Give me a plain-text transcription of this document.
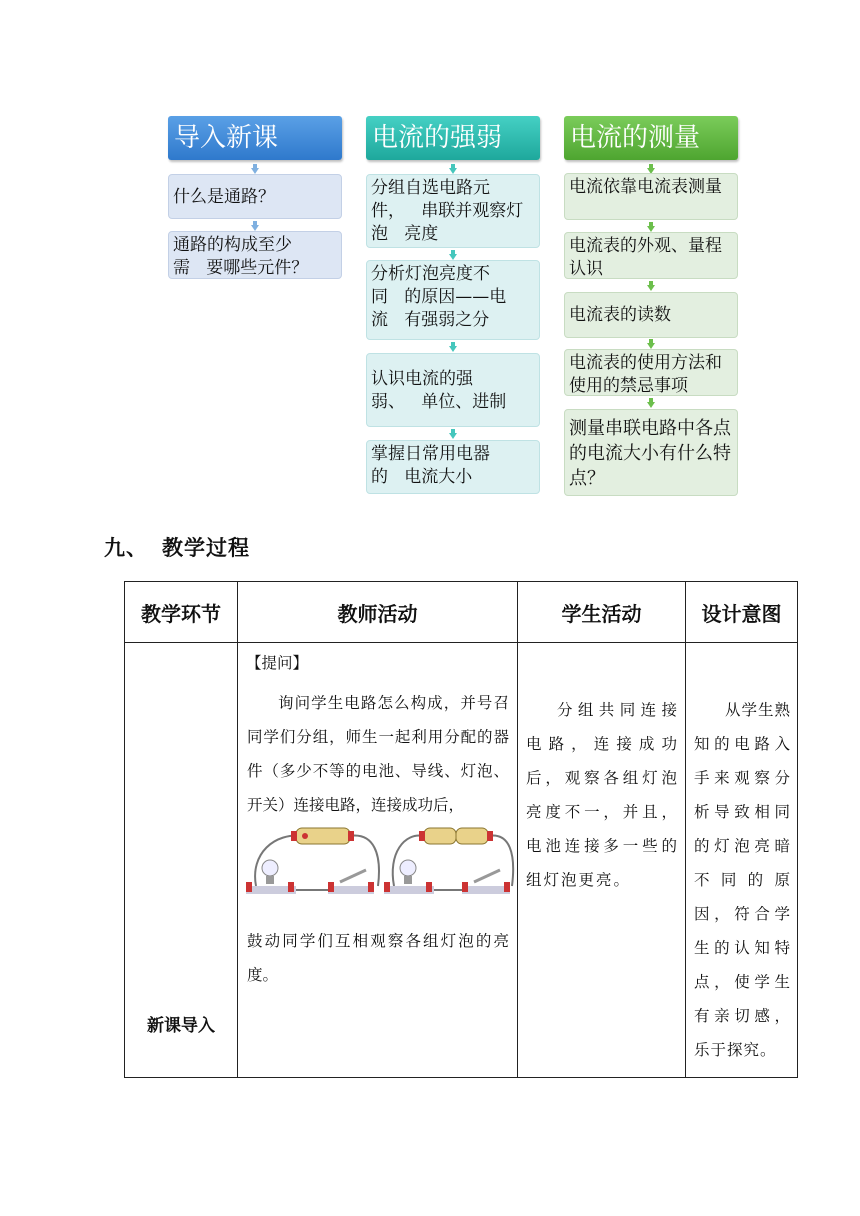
导入新课
什么是通路？
通路的构成至少需   要哪些元件？
电流的强弱
分组自选电路元件，   串联并观察灯泡   亮度
分析灯泡亮度不同   的原因——电流   有强弱之分
认识电流的强弱、   单位、进制
掌握日常用电器的   电流大小
电流的测量
电流依靠电流表测量
电流表的外观、量程认识
电流表的读数
电流表的使用方法和使用的禁忌事项
测量串联电路中各点的电流大小有什么特点？
九、 教学过程
教学环节	教师活动	学生活动	设计意图

新课导入	【提问】
询问学生电路怎么构成，并号召同学们分组，师生一起利用分配的器件（多少不等的电池、导线、灯泡、开关）连接电路，连接成功后，
鼓动同学们互相观察各组灯泡的亮度。	分组共同连接电路，连接成功后，观察各组灯泡亮度不一，并且，电池连接多一些的组灯泡更亮。	从学生熟知的电路入手来观察分析导致相同的灯泡亮暗不同的原因，符合学生的认知特点，使学生有亲切感，乐于探究。
